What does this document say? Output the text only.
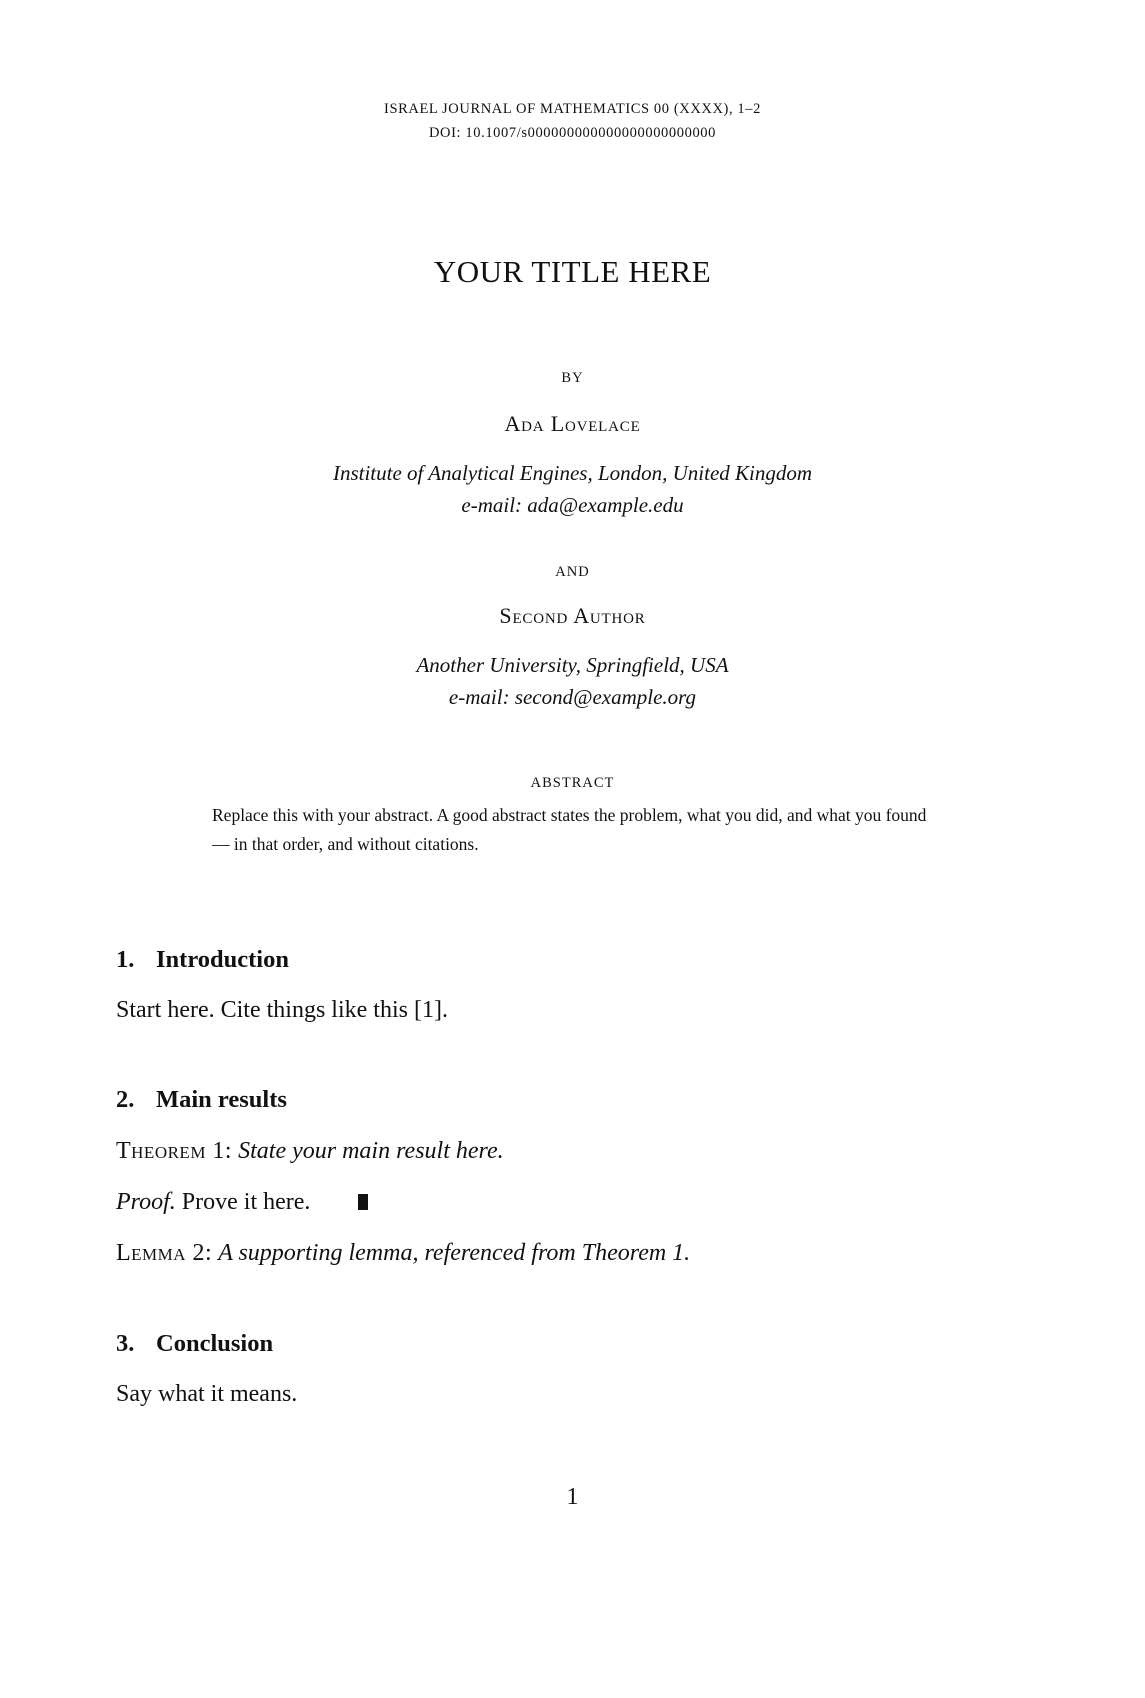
ISRAEL JOURNAL OF MATHEMATICS 00 (XXXX), 1–2
DOI: 10.1007/s000000000000000000000000
YOUR TITLE HERE
BY
Ada Lovelace
Institute of Analytical Engines, London, United Kingdom
e-mail: ada@example.edu
AND
Second Author
Another University, Springfield, USA
e-mail: second@example.org
ABSTRACT
Replace this with your abstract. A good abstract states the problem, what you did, and what you found — in that order, and without citations.
1. Introduction
Start here. Cite things like this [1].
2. Main results
Theorem 1: State your main result here.
Proof. Prove it here.
Lemma 2: A supporting lemma, referenced from Theorem 1.
3. Conclusion
Say what it means.
1
